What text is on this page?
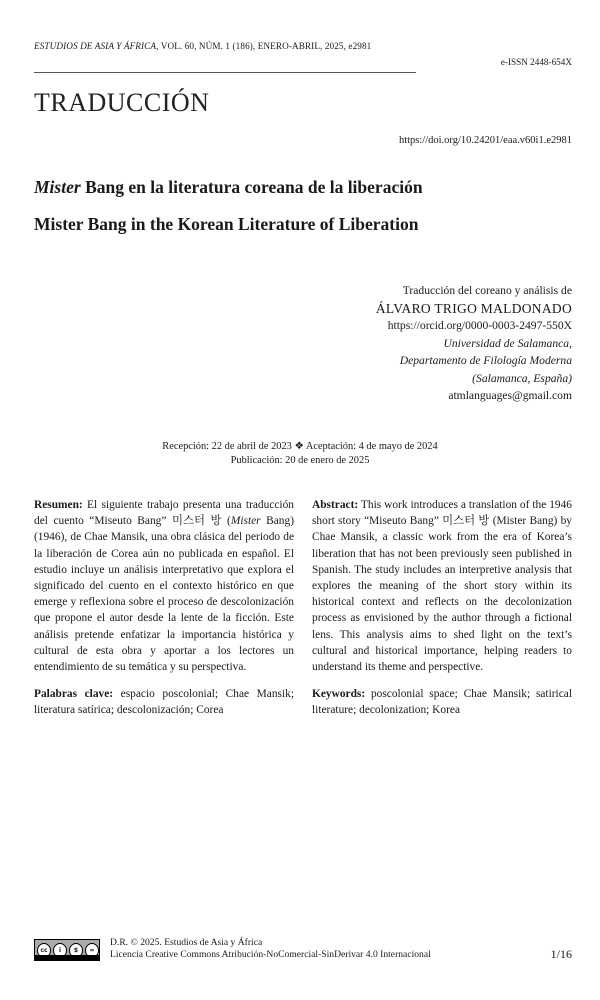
ESTUDIOS DE ASIA Y ÁFRICA, VOL. 60, NÚM. 1 (186), ENERO-ABRIL, 2025, e2981
e-ISSN 2448-654X
TRADUCCIÓN
https://doi.org/10.24201/eaa.v60i1.e2981
Mister Bang en la literatura coreana de la liberación
Mister Bang in the Korean Literature of Liberation
Traducción del coreano y análisis de
ÁLVARO TRIGO MALDONADO
https://orcid.org/0000-0003-2497-550X
Universidad de Salamanca,
Departamento de Filología Moderna
(Salamanca, España)
atmlanguages@gmail.com
Recepción: 22 de abril de 2023 ❖ Aceptación: 4 de mayo de 2024
Publicación: 20 de enero de 2025

Resumen: El siguiente trabajo presenta una traducción del cuento “Miseuto Bang” 미스터 방 (Mister Bang) (1946), de Chae Mansik, una obra clásica del periodo de la liberación de Corea aún no publicada en español. El estudio incluye un análisis interpretativo que explora el significado del cuento en el contexto histórico en que emerge y reflexiona sobre el proceso de descolonización que propone el autor desde la lente de la ficción. Este análisis pretende enfatizar la importancia histórica y cultural de esta obra y aportar a los lectores un entendimiento de su temática y su perspectiva.

Palabras clave: espacio poscolonial; Chae Mansik; literatura satírica; descolonización; Corea

Abstract: This work introduces a translation of the 1946 short story “Miseuto Bang” 미스터 방 (Mister Bang) by Chae Mansik, a classic work from the era of Korea’s liberation that has not been previously seen published in Spanish. The study includes an interpretive analysis that explores the meaning of the short story within its historical context and reflects on the decolonization process as envisioned by the author through a fictional lens. This analysis aims to shed light on the text’s cultural and historical importance, helping readers to understand its theme and perspective.

Keywords: poscolonial space; Chae Mansik; satirical literature; decolonization; Korea

cc	i	$	=
D.R. © 2025. Estudios de Asia y África
Licencia Creative Commons Atribución-NoComercial-SinDerivar 4.0 Internacional	1/16
